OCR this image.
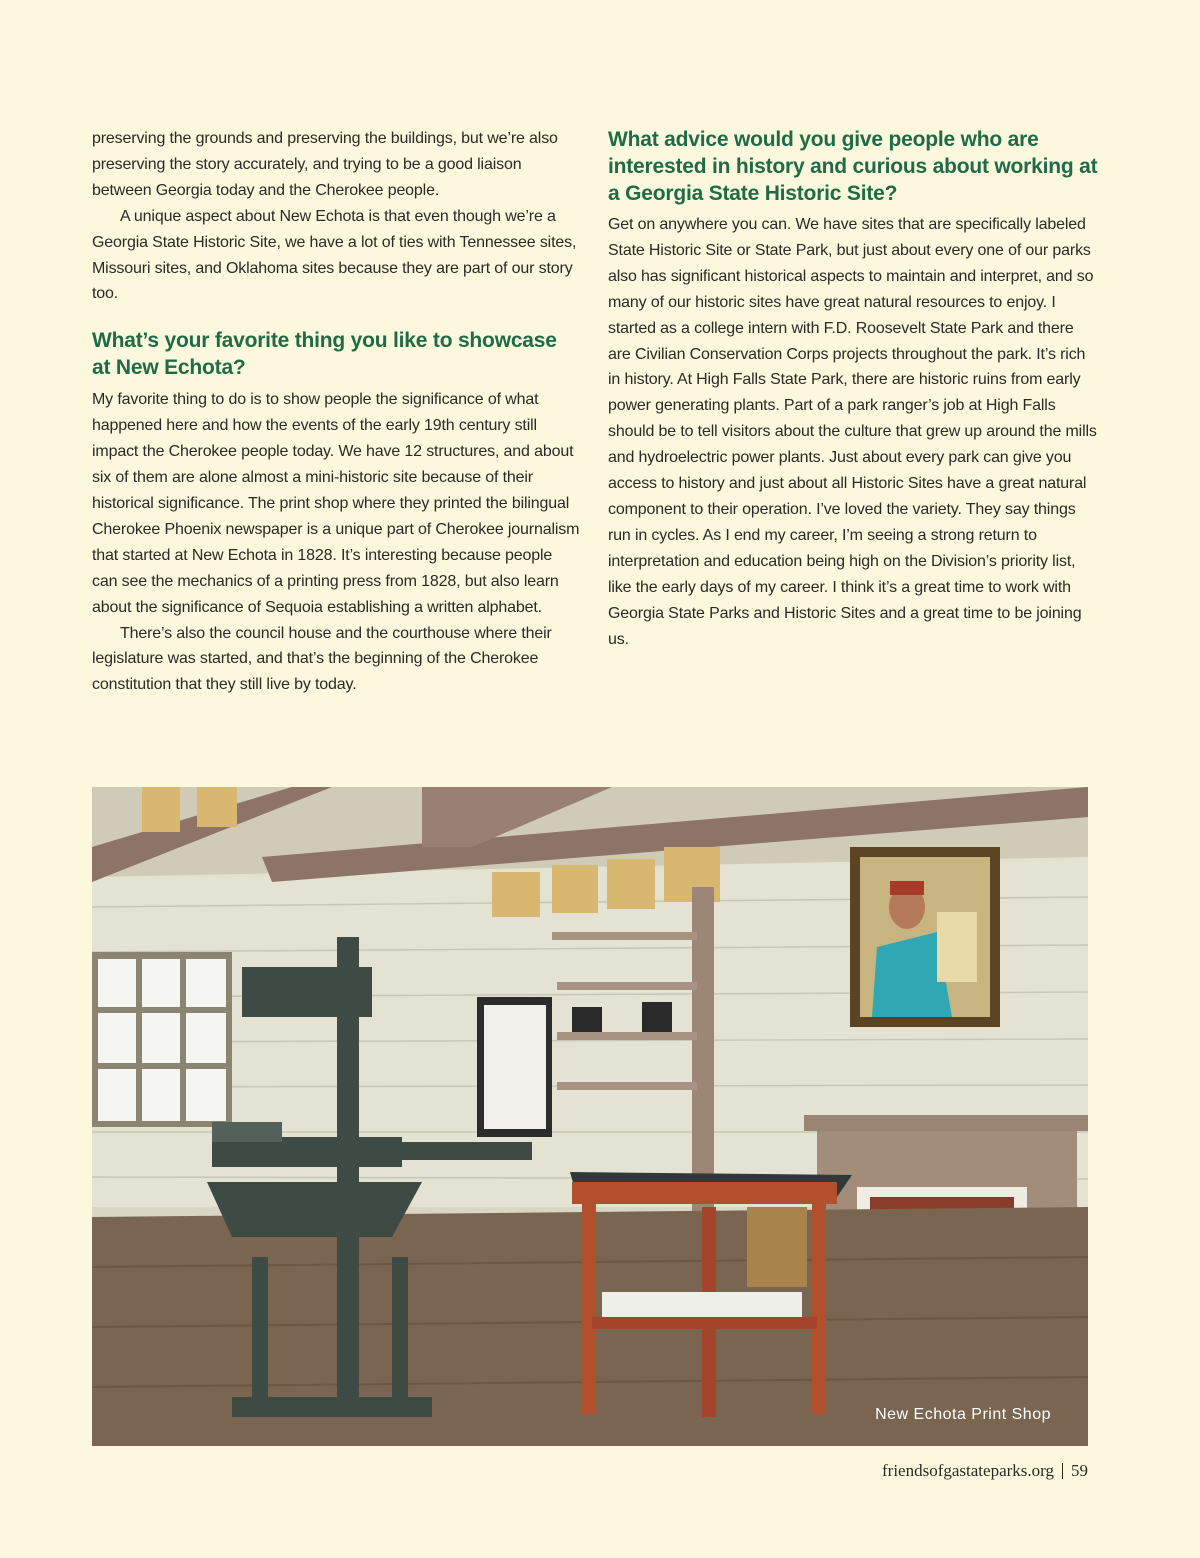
preserving the grounds and preserving the buildings, but we’re also preserving the story accurately, and trying to be a good liaison between Georgia today and the Cherokee people.

A unique aspect about New Echota is that even though we’re a Georgia State Historic Site, we have a lot of ties with Tennessee sites, Missouri sites, and Oklahoma sites because they are part of our story too.

What’s your favorite thing you like to showcase at New Echota?

My favorite thing to do is to show people the significance of what happened here and how the events of the early 19th century still impact the Cherokee people today. We have 12 structures, and about six of them are alone almost a mini-historic site because of their historical significance. The print shop where they printed the bilingual Cherokee Phoenix newspaper is a unique part of Cherokee journalism that started at New Echota in 1828. It’s interesting because people can see the mechanics of a printing press from 1828, but also learn about the significance of Sequoia establishing a written alphabet.

There’s also the council house and the courthouse where their legislature was started, and that’s the beginning of the Cherokee constitution that they still live by today.

What advice would you give people who are interested in history and curious about working at a Georgia State Historic Site?

Get on anywhere you can. We have sites that are specifically labeled State Historic Site or State Park, but just about every one of our parks also has significant historical aspects to maintain and interpret, and so many of our historic sites have great natural resources to enjoy. I started as a college intern with F.D. Roosevelt State Park and there are Civilian Conservation Corps projects throughout the park. It’s rich in history. At High Falls State Park, there are historic ruins from early power generating plants. Part of a park ranger’s job at High Falls should be to tell visitors about the culture that grew up around the mills and hydroelectric power plants. Just about every park can give you access to history and just about all Historic Sites have a great natural component to their operation. I’ve loved the variety. They say things run in cycles. As I end my career, I’m seeing a strong return to interpretation and education being high on the Division’s priority list, like the early days of my career. I think it’s a great time to work with Georgia State Parks and Historic Sites and a great time to be joining us.

New Echota Print Shop
friendsofgastateparks.org 59
